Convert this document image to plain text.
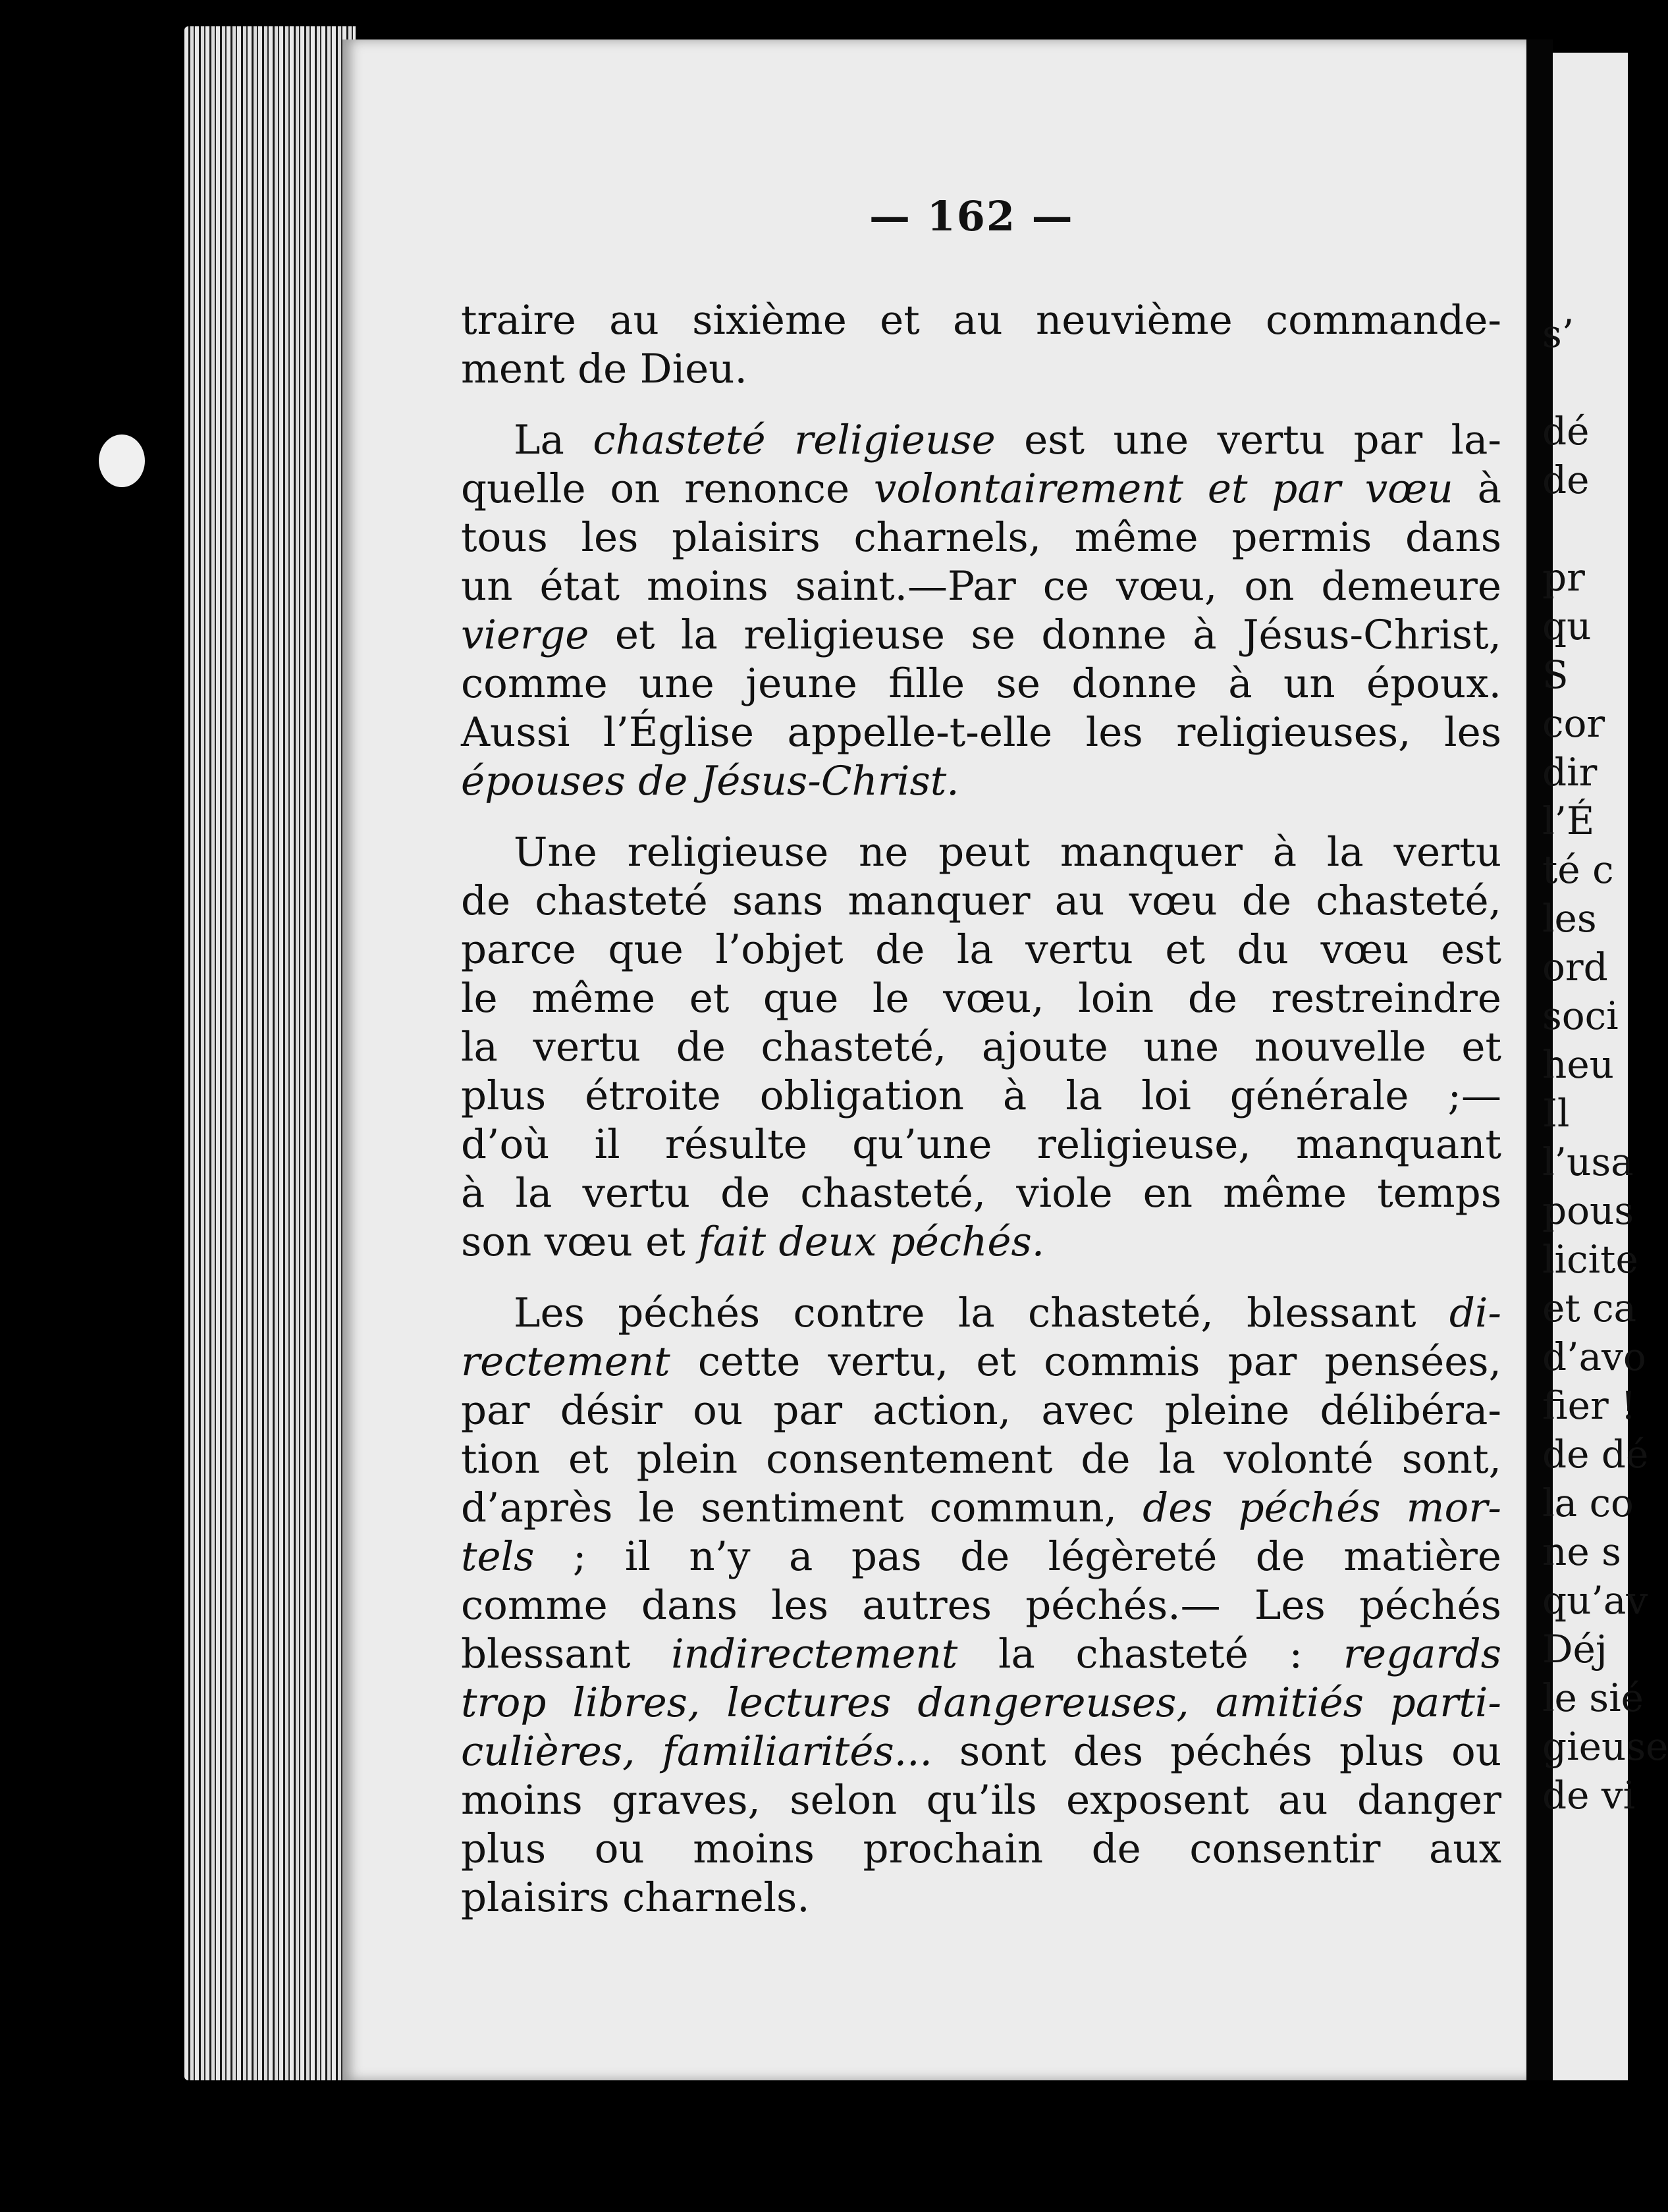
— 162 —
traire au sixième et au neuvième commande-
ment de Dieu.
La chasteté religieuse est une vertu par la-
quelle on renonce volontairement et par vœu à
tous les plaisirs charnels, même permis dans
un état moins saint.—Par ce vœu, on demeure
vierge et la religieuse se donne à Jésus-Christ,
comme une jeune fille se donne à un époux.
Aussi l’Église appelle-t-elle les religieuses, les
épouses de Jésus-Christ.
Une religieuse ne peut manquer à la vertu
de chasteté sans manquer au vœu de chasteté,
parce que l’objet de la vertu et du vœu est
le même et que le vœu, loin de restreindre
la vertu de chasteté, ajoute une nouvelle et
plus étroite obligation à la loi générale ;—
d’où il résulte qu’une religieuse, manquant
à la vertu de chasteté, viole en même temps
son vœu et fait deux péchés.
Les péchés contre la chasteté, blessant di-
rectement cette vertu, et commis par pensées,
par désir ou par action, avec pleine délibéra-
tion et plein consentement de la volonté sont,
d’après le sentiment commun, des péchés mor-
tels ; il n’y a pas de légèreté de matière
comme dans les autres péchés.— Les péchés
blessant indirectement la chasteté : regards
trop libres, lectures dangereuses, amitiés parti-
culières, familiarités... sont des péchés plus ou
moins graves, selon qu’ils exposent au danger
plus ou moins prochain de consentir aux
plaisirs charnels.
s’

dé
de

pr
qu
S
cor
dir
l’É
té c
les
ord
soci
heu
Il
l’usa
pous
licite
et ca
d’avo
fier !
de dé
la co
ne s
qu’av
Déj
le sié
gieuse
de vi
